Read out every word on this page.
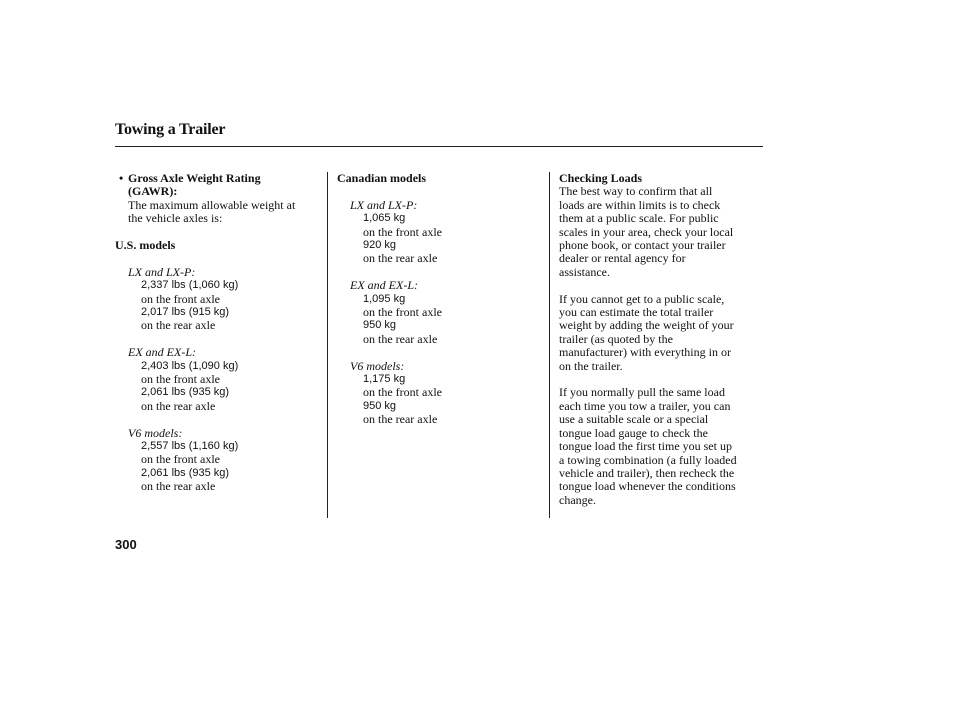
Towing a Trailer
• Gross Axle Weight Rating
(GAWR):
The maximum allowable weight at
the vehicle axles is:
U.S. models
LX and LX-P:
2,337 lbs (1,060 kg)
on the front axle
2,017 lbs (915 kg)
on the rear axle
EX and EX-L:
2,403 lbs (1,090 kg)
on the front axle
2,061 lbs (935 kg)
on the rear axle
V6 models:
2,557 lbs (1,160 kg)
on the front axle
2,061 lbs (935 kg)
on the rear axle
Canadian models
LX and LX-P:
1,065 kg
on the front axle
920 kg
on the rear axle
EX and EX-L:
1,095 kg
on the front axle
950 kg
on the rear axle
V6 models:
1,175 kg
on the front axle
950 kg
on the rear axle
Checking Loads
The best way to confirm that all
loads are within limits is to check
them at a public scale. For public
scales in your area, check your local
phone book, or contact your trailer
dealer or rental agency for
assistance.
If you cannot get to a public scale,
you can estimate the total trailer
weight by adding the weight of your
trailer (as quoted by the
manufacturer) with everything in or
on the trailer.
If you normally pull the same load
each time you tow a trailer, you can
use a suitable scale or a special
tongue load gauge to check the
tongue load the first time you set up
a towing combination (a fully loaded
vehicle and trailer), then recheck the
tongue load whenever the conditions
change.
300
